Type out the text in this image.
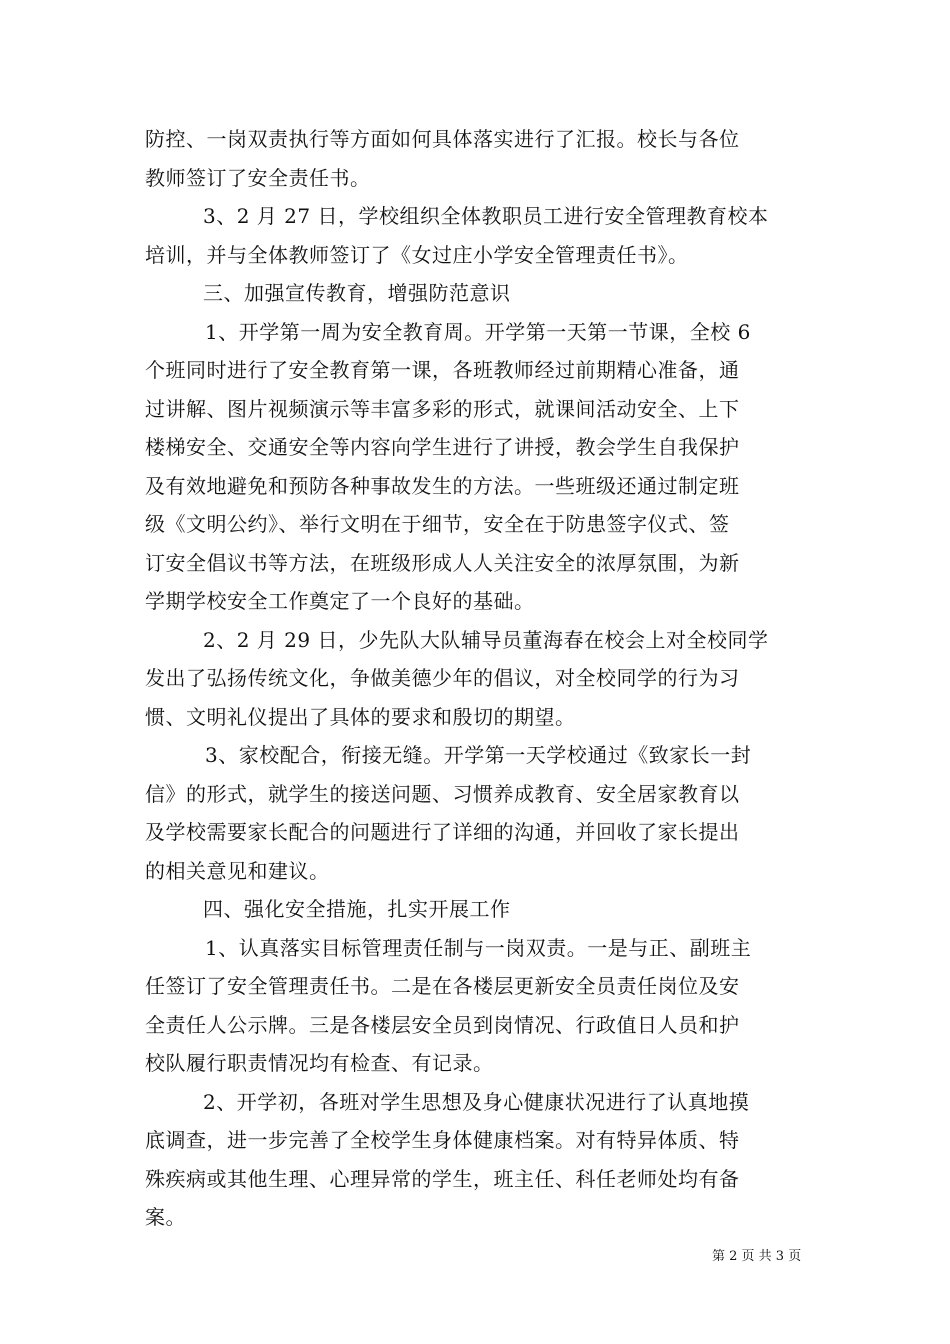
防控、一岗双责执行等方面如何具体落实进行了汇报。校长与各位
教师签订了安全责任书。
3、2 月 27 日，学校组织全体教职员工进行安全管理教育校本
培训，并与全体教师签订了《女过庄小学安全管理责任书》。
三、加强宣传教育，增强防范意识
1、开学第一周为安全教育周。开学第一天第一节课，全校 6
个班同时进行了安全教育第一课，各班教师经过前期精心准备，通
过讲解、图片视频演示等丰富多彩的形式，就课间活动安全、上下
楼梯安全、交通安全等内容向学生进行了讲授，教会学生自我保护
及有效地避免和预防各种事故发生的方法。一些班级还通过制定班
级《文明公约》、举行文明在于细节，安全在于防患签字仪式、签
订安全倡议书等方法，在班级形成人人关注安全的浓厚氛围，为新
学期学校安全工作奠定了一个良好的基础。
2、2 月 29 日，少先队大队辅导员董海春在校会上对全校同学
发出了弘扬传统文化，争做美德少年的倡议，对全校同学的行为习
惯、文明礼仪提出了具体的要求和殷切的期望。
3、家校配合，衔接无缝。开学第一天学校通过《致家长一封
信》的形式，就学生的接送问题、习惯养成教育、安全居家教育以
及学校需要家长配合的问题进行了详细的沟通，并回收了家长提出
的相关意见和建议。
四、强化安全措施，扎实开展工作
1、认真落实目标管理责任制与一岗双责。一是与正、副班主
任签订了安全管理责任书。二是在各楼层更新安全员责任岗位及安
全责任人公示牌。三是各楼层安全员到岗情况、行政值日人员和护
校队履行职责情况均有检查、有记录。
2、开学初，各班对学生思想及身心健康状况进行了认真地摸
底调查，进一步完善了全校学生身体健康档案。对有特异体质、特
殊疾病或其他生理、心理异常的学生，班主任、科任老师处均有备
案。
第 2 页 共 3 页
